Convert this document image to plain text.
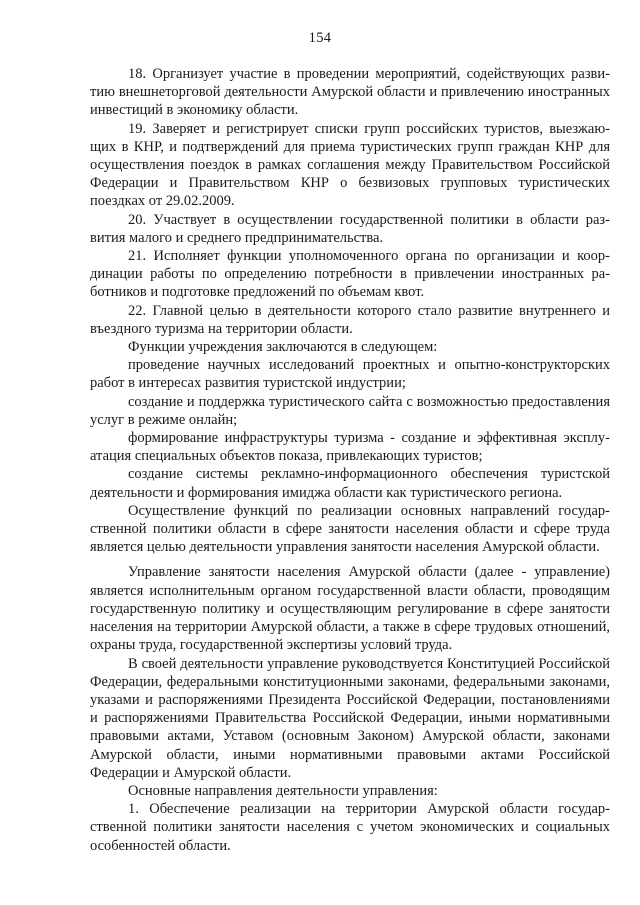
154

18. Организует участие в проведении мероприятий, содействующих развитию внешнеторговой деятельности Амурской области и привлечению иностранных инвестиций в экономику области.

19. Заверяет и регистрирует списки групп российских туристов, выезжающих в КНР, и подтверждений для приема туристических групп граждан КНР для осуществления поездок в рамках соглашения между Правительством Российской Федерации и Правительством КНР о безвизовых групповых туристических поездках от 29.02.2009.

20. Участвует в осуществлении государственной политики в области развития малого и среднего предпринимательства.

21. Исполняет функции уполномоченного органа по организации и координации работы по определению потребности в привлечении иностранных работников и подготовке предложений по объемам квот.

22. Главной целью в деятельности которого стало развитие внутреннего и въездного туризма на территории области.

Функции учреждения заключаются в следующем:

проведение научных исследований проектных и опытно-конструкторских работ в интересах развития туристской индустрии;

создание и поддержка туристического сайта с возможностью предоставления услуг в режиме онлайн;

формирование инфраструктуры туризма - создание и эффективная эксплуатация специальных объектов показа, привлекающих туристов;

создание системы рекламно-информационного обеспечения туристской деятельности и формирования имиджа области как туристического региона.

Осуществление функций по реализации основных направлений государственной политики области в сфере занятости населения области и сфере труда является целью деятельности управления занятости населения Амурской области.

Управление занятости населения Амурской области (далее - управление) является исполнительным органом государственной власти области, проводящим государственную политику и осуществляющим регулирование в сфере занятости населения на территории Амурской области, а также в сфере трудовых отношений, охраны труда, государственной экспертизы условий труда.

В своей деятельности управление руководствуется Конституцией Российской Федерации, федеральными конституционными законами, федеральными законами, указами и распоряжениями Президента Российской Федерации, постановлениями и распоряжениями Правительства Российской Федерации, иными нормативными правовыми актами, Уставом (основным Законом) Амурской области, законами Амурской области, иными нормативными правовыми актами Российской Федерации и Амурской области.

Основные направления деятельности управления:

1. Обеспечение реализации на территории Амурской области государственной политики занятости населения с учетом экономических и социальных особенностей области.
